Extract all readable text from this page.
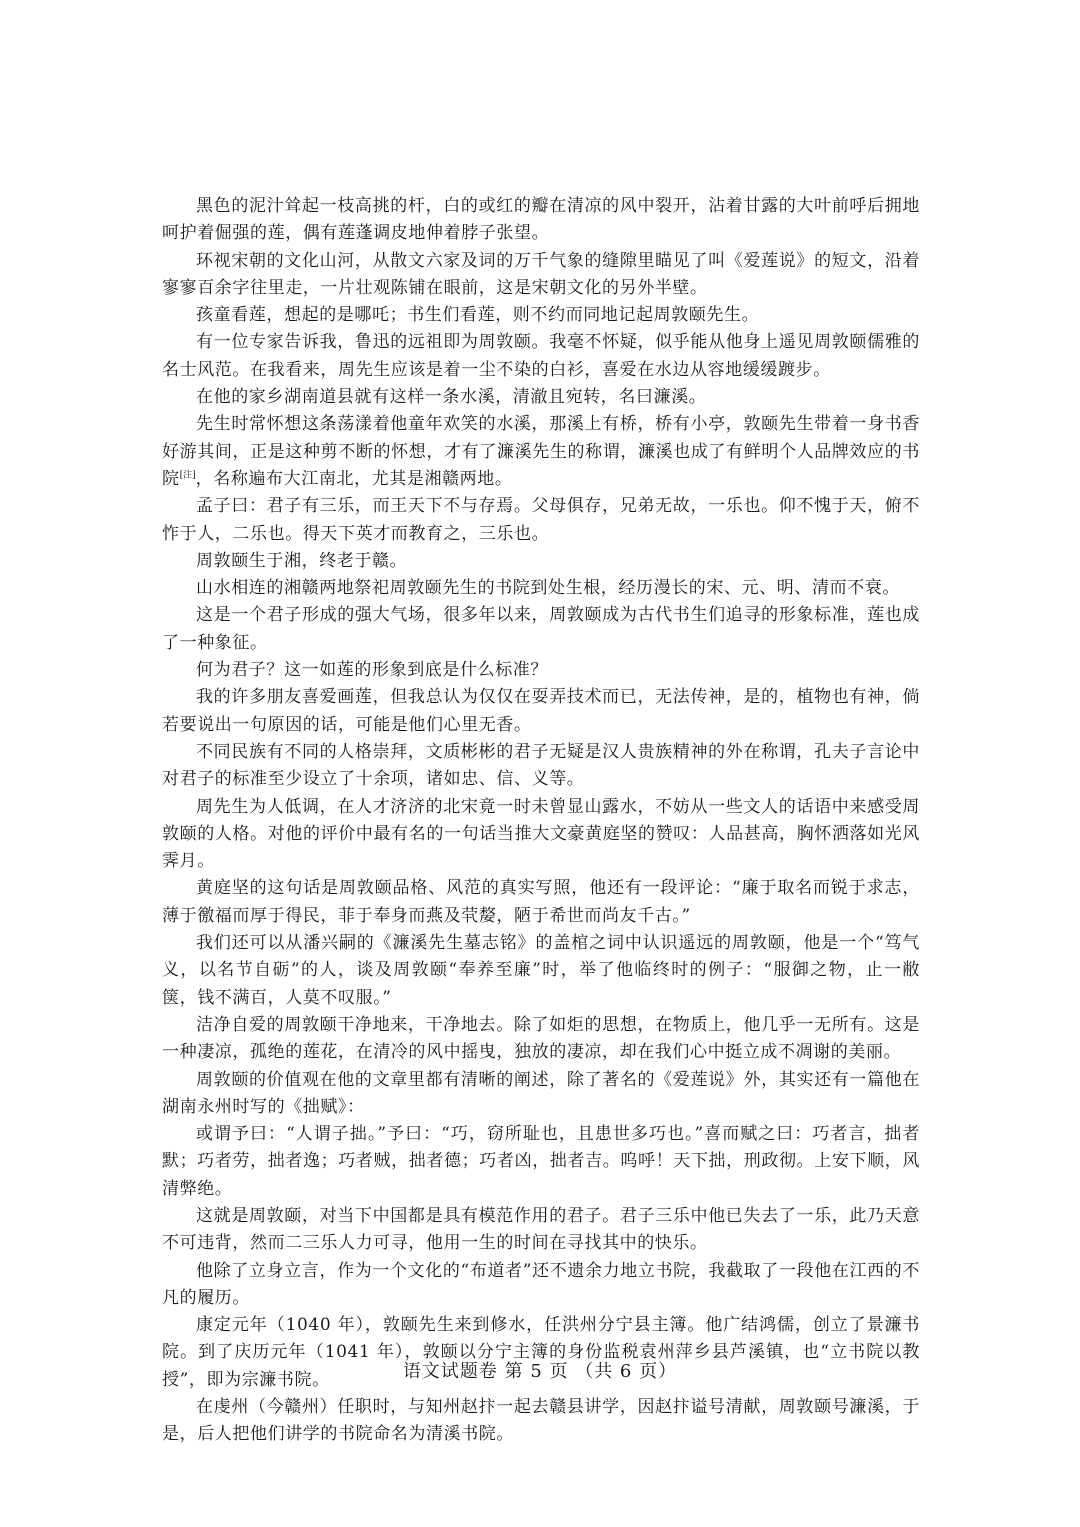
黑色的泥汁耸起一枝高挑的杆，白的或红的瓣在清凉的风中裂开，沾着甘露的大叶前呼后拥地呵护着倔强的莲，偶有莲蓬调皮地伸着脖子张望。

环视宋朝的文化山河，从散文六家及词的万千气象的缝隙里瞄见了叫《爱莲说》的短文，沿着寥寥百余字往里走，一片壮观陈铺在眼前，这是宋朝文化的另外半壁。

孩童看莲，想起的是哪吒；书生们看莲，则不约而同地记起周敦颐先生。

有一位专家告诉我，鲁迅的远祖即为周敦颐。我毫不怀疑，似乎能从他身上遥见周敦颐儒雅的名士风范。在我看来，周先生应该是着一尘不染的白衫，喜爱在水边从容地缓缓踱步。

在他的家乡湖南道县就有这样一条水溪，清澈且宛转，名曰濂溪。

先生时常怀想这条荡漾着他童年欢笑的水溪，那溪上有桥，桥有小亭，敦颐先生带着一身书香好游其间，正是这种剪不断的怀想，才有了濂溪先生的称谓，濂溪也成了有鲜明个人品牌效应的书院[注]，名称遍布大江南北，尤其是湘赣两地。

孟子曰：君子有三乐，而王天下不与存焉。父母俱存，兄弟无故，一乐也。仰不愧于天，俯不怍于人，二乐也。得天下英才而教育之，三乐也。

周敦颐生于湘，终老于赣。

山水相连的湘赣两地祭祀周敦颐先生的书院到处生根，经历漫长的宋、元、明、清而不衰。

这是一个君子形成的强大气场，很多年以来，周敦颐成为古代书生们追寻的形象标准，莲也成了一种象征。

何为君子？这一如莲的形象到底是什么标准？

我的许多朋友喜爱画莲，但我总认为仅仅在耍弄技术而已，无法传神，是的，植物也有神，倘若要说出一句原因的话，可能是他们心里无香。

不同民族有不同的人格崇拜，文质彬彬的君子无疑是汉人贵族精神的外在称谓，孔夫子言论中对君子的标准至少设立了十余项，诸如忠、信、义等。

周先生为人低调，在人才济济的北宋竟一时未曾显山露水，不妨从一些文人的话语中来感受周敦颐的人格。对他的评价中最有名的一句话当推大文豪黄庭坚的赞叹：人品甚高，胸怀洒落如光风霁月。

黄庭坚的这句话是周敦颐品格、风范的真实写照，他还有一段评论：“廉于取名而锐于求志，薄于徼福而厚于得民，菲于奉身而燕及茕嫠，陋于希世而尚友千古。”

我们还可以从潘兴嗣的《濂溪先生墓志铭》的盖棺之词中认识遥远的周敦颐，他是一个“笃气义，以名节自砺”的人，谈及周敦颐“奉养至廉”时，举了他临终时的例子：“服御之物，止一敝箧，钱不满百，人莫不叹服。”

洁净自爱的周敦颐干净地来，干净地去。除了如炬的思想，在物质上，他几乎一无所有。这是一种凄凉，孤绝的莲花，在清冷的风中摇曳，独放的凄凉，却在我们心中挺立成不凋谢的美丽。

周敦颐的价值观在他的文章里都有清晰的阐述，除了著名的《爱莲说》外，其实还有一篇他在湖南永州时写的《拙赋》：

或谓予曰：“人谓子拙。”予曰：“巧，窃所耻也，且患世多巧也。”喜而赋之曰：巧者言，拙者默；巧者劳，拙者逸；巧者贼，拙者德；巧者凶，拙者吉。呜呼！天下拙，刑政彻。上安下顺，风清弊绝。

这就是周敦颐，对当下中国都是具有模范作用的君子。君子三乐中他已失去了一乐，此乃天意不可违背，然而二三乐人力可寻，他用一生的时间在寻找其中的快乐。

他除了立身立言，作为一个文化的“布道者”还不遗余力地立书院，我截取了一段他在江西的不凡的履历。

康定元年（1040 年），敦颐先生来到修水，任洪州分宁县主簿。他广结鸿儒，创立了景濂书院。到了庆历元年（1041 年），敦颐以分宁主簿的身份监税袁州萍乡县芦溪镇，也“立书院以教授”，即为宗濂书院。

在虔州（今赣州）任职时，与知州赵抃一起去赣县讲学，因赵抃谥号清献，周敦颐号濂溪，于是，后人把他们讲学的书院命名为清溪书院。

语文试题卷 第 5 页 （共 6 页）
